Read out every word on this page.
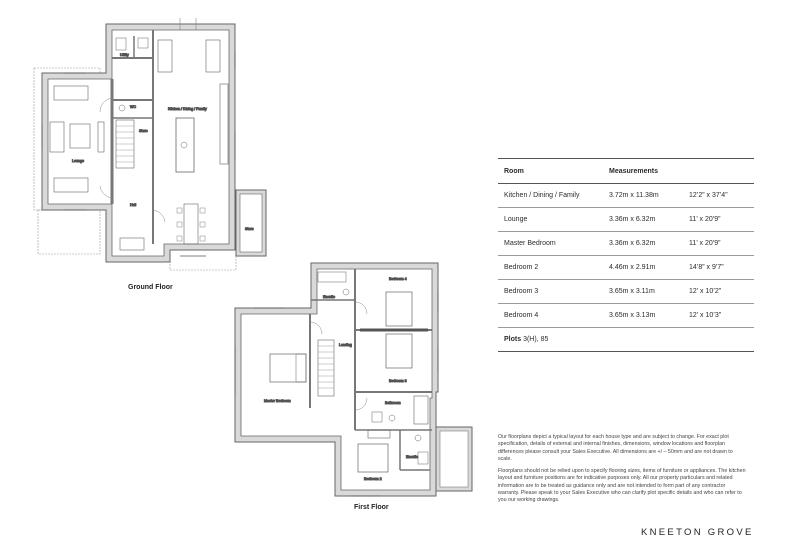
Utility
WC
Store
Kitchen / Dining / Family
Lounge
Hall
Store
Ensuite
Bedroom 4
Landing
Bedroom 3
Master Bedroom	Bathroom
Ensuite
Bedroom 2
Ground Floor
First Floor
Room	Measurements
Kitchen / Dining / Family	3.72m x 11.38m	12’2” x 37’4”
Lounge	3.36m x 6.32m	11’ x 20’9”
Master Bedroom	3.36m x 6.32m	11’ x 20’9”
Bedroom 2	4.46m x 2.91m	14’8” x 9’7”
Bedroom 3	3.65m x 3.11m	12’ x 10’2”
Bedroom 4	3.65m x 3.13m	12’ x 10’3”
Plots 3(H), 85

Our floorplans depict a typical layout for each house type and are subject to change. For exact plot specification, details of external and internal finishes, dimensions, window locations and floorplan differences please consult your Sales Executive. All dimensions are +/ – 50mm and are not drawn to scale.

Floorplans should not be relied upon to specify flooring sizes, items of furniture or appliances. The kitchen layout and furniture positions are for indicative purposes only. All our property particulars and related information are to be treated as guidance only and are not intended to form part of any contractor warranty. Please speak to your Sales Executive who can clarify plot specific details and who can refer to you our working drawings.

KNEETON GROVE
